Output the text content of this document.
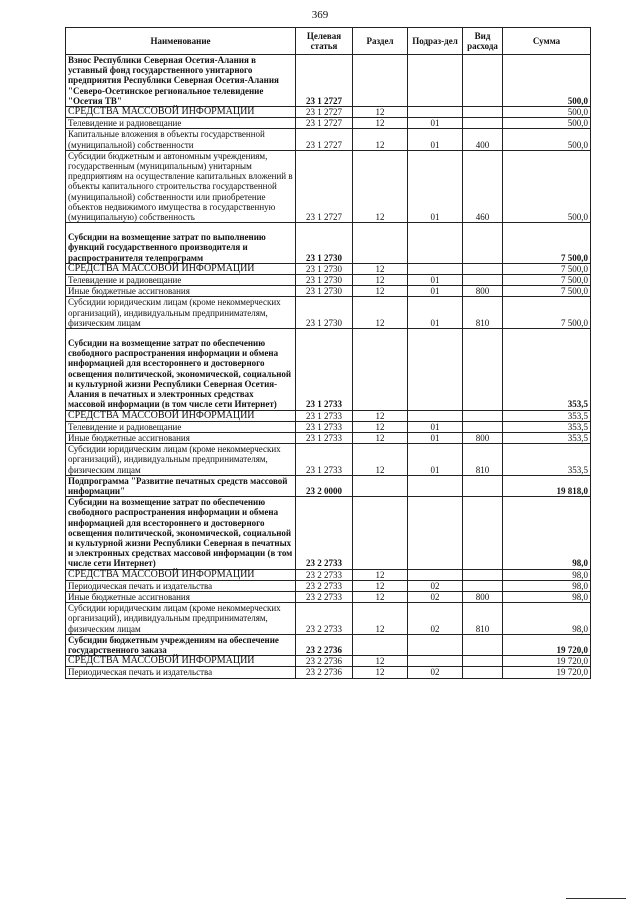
369
Наименование	Целевая статья	Раздел	Подраз-дел	Вид расхода	Сумма
Взнос Республики Северная Осетия-Алания в уставный фонд государственного унитарного предприятия Республики Северная Осетия-Алания "Северо-Осетинское региональное телевидение "Осетия ТВ"	23 1 2727				500,0
СРЕДСТВА МАССОВОЙ ИНФОРМАЦИИ	23 1 2727	12			500,0
Телевидение и радиовещание	23 1 2727	12	01		500,0
Капитальные вложения в объекты государственной (муниципальной) собственности	23 1 2727	12	01	400	500,0
Субсидии бюджетным и автономным учреждениям, государственным (муниципальным) унитарным предприятиям на осуществление капитальных вложений в объекты капитального строительства государственной (муниципальной) собственности или приобретение объектов недвижимого имущества в государственную (муниципальную) собственность	23 1 2727	12	01	460	500,0
Субсидии на возмещение затрат по выполнению функций государственного производителя и распространителя телепрограмм	23 1 2730				7 500,0
СРЕДСТВА МАССОВОЙ ИНФОРМАЦИИ	23 1 2730	12			7 500,0
Телевидение и радиовещание	23 1 2730	12	01		7 500,0
Иные бюджетные ассигнования	23 1 2730	12	01	800	7 500,0
Субсидии юридическим лицам (кроме некоммерческих организаций), индивидуальным предпринимателям, физическим лицам	23 1 2730	12	01	810	7 500,0
Субсидии на возмещение затрат по обеспечению свободного распространения информации и обмена информацией для всестороннего и достоверного освещения политической, экономической, социальной и культурной жизни Республики Северная Осетия-Алания в печатных и электронных средствах массовой информации (в том числе сети Интернет)	23 1 2733				353,5
СРЕДСТВА МАССОВОЙ ИНФОРМАЦИИ	23 1 2733	12			353,5
Телевидение и радиовещание	23 1 2733	12	01		353,5
Иные бюджетные ассигнования	23 1 2733	12	01	800	353,5
Субсидии юридическим лицам (кроме некоммерческих организаций), индивидуальным предпринимателям, физическим лицам	23 1 2733	12	01	810	353,5
Подпрограмма "Развитие печатных средств массовой информации"	23 2 0000				19 818,0
Субсидии на возмещение затрат по обеспечению свободного распространения информации и обмена информацией для всестороннего и достоверного освещения политической, экономической, социальной и культурной жизни Республики Северная в печатных и электронных средствах массовой информации (в том числе сети Интернет)	23 2 2733				98,0
СРЕДСТВА МАССОВОЙ ИНФОРМАЦИИ	23 2 2733	12			98,0
Периодическая печать и издательства	23 2 2733	12	02		98,0
Иные бюджетные ассигнования	23 2 2733	12	02	800	98,0
Субсидии юридическим лицам (кроме некоммерческих организаций), индивидуальным предпринимателям, физическим лицам	23 2 2733	12	02	810	98,0
Субсидии бюджетным учреждениям на обеспечение государственного заказа	23 2 2736				19 720,0
СРЕДСТВА МАССОВОЙ ИНФОРМАЦИИ	23 2 2736	12			19 720,0
Периодическая печать и издательства	23 2 2736	12	02		19 720,0
